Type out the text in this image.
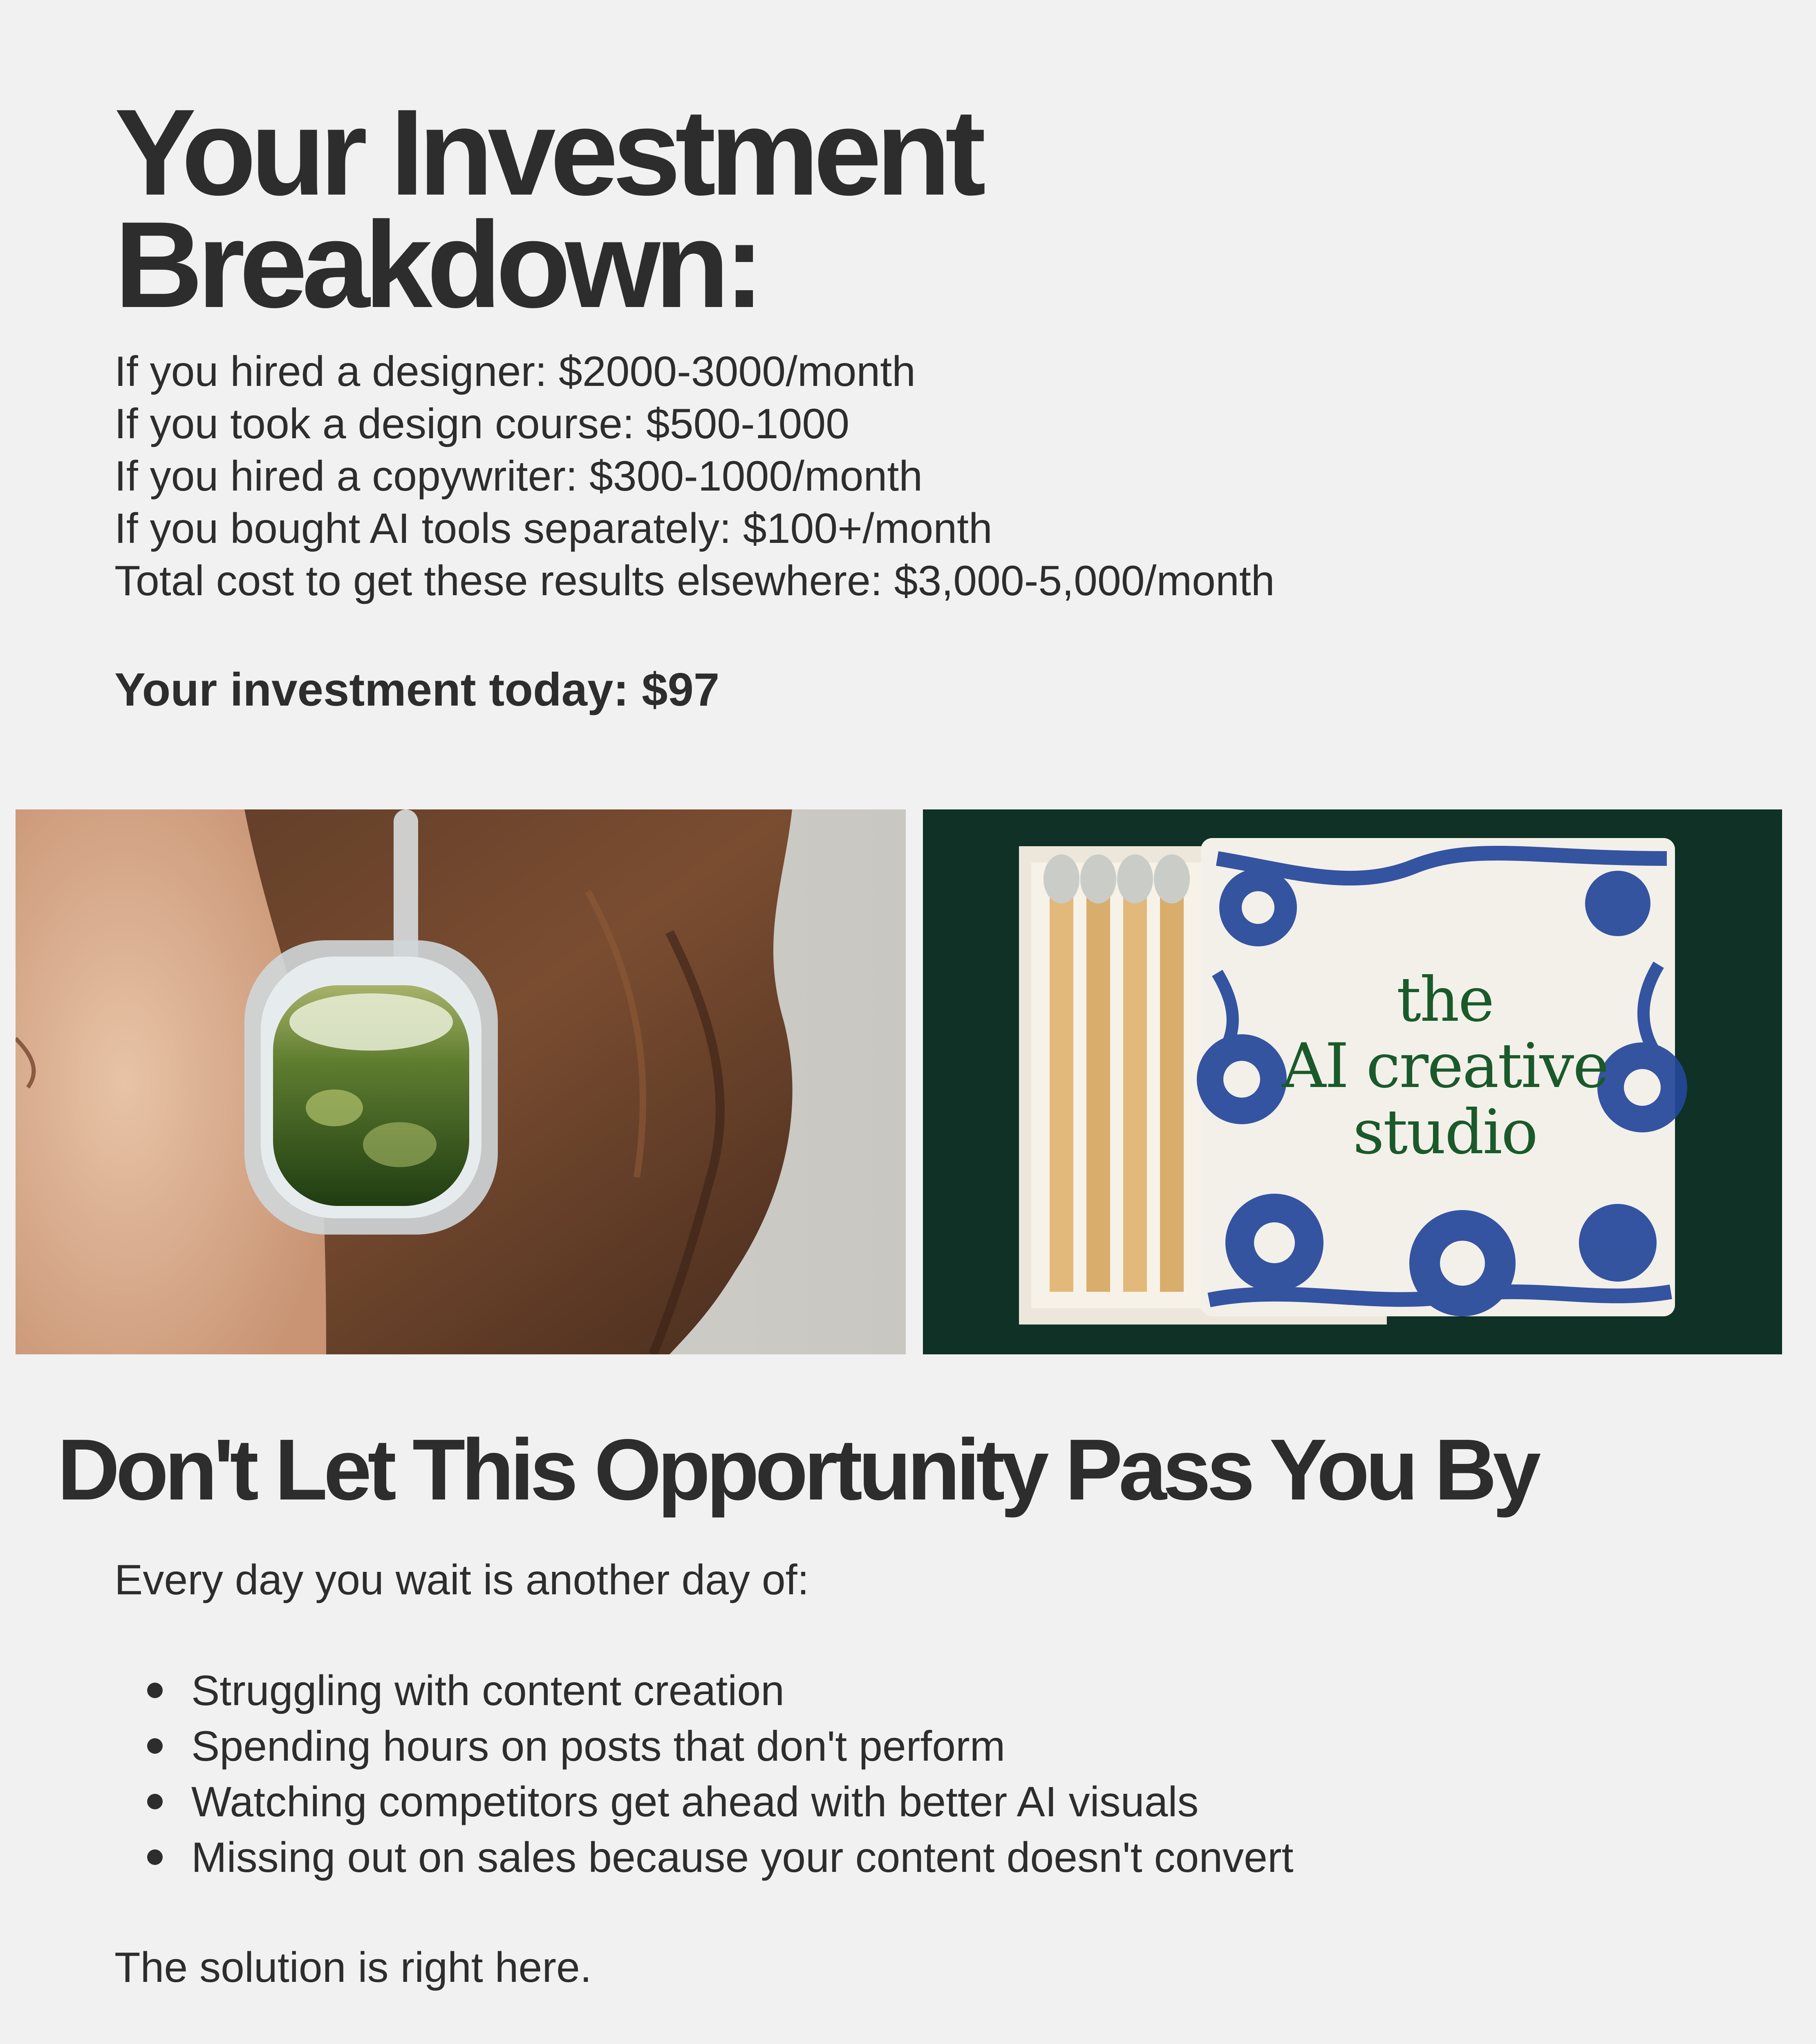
Your Investment
Breakdown:
If you hired a designer: $2000-3000/month
If you took a design course: $500-1000
If you hired a copywriter: $300-1000/month
If you bought AI tools separately: $100+/month
Total cost to get these results elsewhere: $3,000-5,000/month
Your investment today: $97
the
AI creative
studio
Don't Let This Opportunity Pass You By
Every day you wait is another day of:
Struggling with content creation
Spending hours on posts that don't perform
Watching competitors get ahead with better AI visuals
Missing out on sales because your content doesn't convert
The solution is right here.
